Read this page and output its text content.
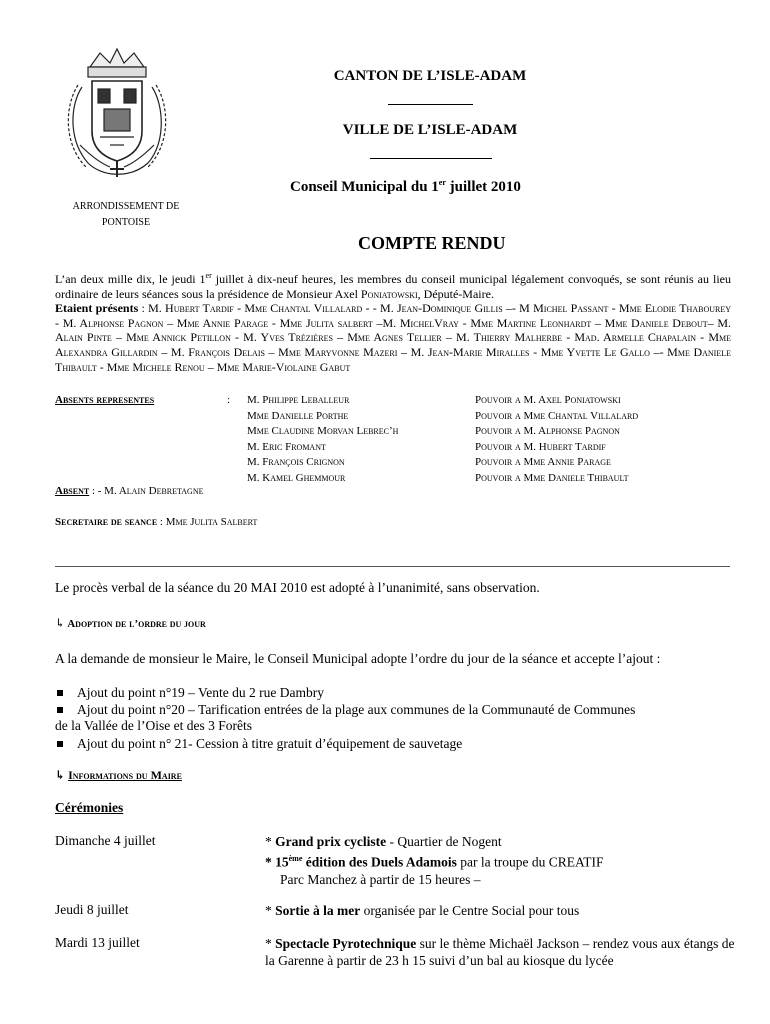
CANTON DE L’ISLE-ADAM
VILLE DE L’ISLE-ADAM
Conseil Municipal du 1er juillet 2010
ARRONDISSEMENT DE
PONTOISE
COMPTE RENDU
L’an deux mille dix, le jeudi 1er juillet à dix-neuf heures, les membres du conseil municipal légalement convoqués, se sont réunis au lieu ordinaire de leurs séances sous la présidence de Monsieur Axel Poniatowski, Député-Maire.
Etaient présents : M. Hubert Tardif - Mme Chantal Villalard - - M. Jean-Dominique Gillis –- M Michel Passant - Mme Elodie Thabourey - M. Alphonse Pagnon – Mme Annie Parage - Mme Julita salbert –M. MichelVray - Mme Martine Leonhardt – Mme Daniele Debout– M. Alain Pinte – Mme Annick Petillon - M. Yves Trézières – Mme Agnes Tellier – M. Thierry Malherbe - Mad. Armelle Chapalain - Mme Alexandra Gillardin – M. François Delais – Mme Maryvonne Mazeri – M. Jean-Marie Miralles - Mme Yvette Le Gallo –- Mme Daniele Thibault - Mme Michele Renou – Mme Marie-Violaine Gabut
Absents representes	: M. Philippe Leballeur	Pouvoir a M. Axel Poniatowski
Mme Danielle Porthe	Pouvoir a Mme Chantal Villalard
Mme Claudine Morvan Lebrec’h	Pouvoir a M. Alphonse Pagnon
M. Eric Fromant	Pouvoir a M. Hubert Tardif
M. François Crignon	Pouvoir a Mme Annie Parage
M. Kamel Ghemmour	Pouvoir a Mme Daniele Thibault
Absent : - M. Alain Debretagne
Secretaire de seance : Mme Julita Salbert
Le procès verbal de la séance du 20 MAI 2010 est adopté à l’unanimité, sans observation.
↳ Adoption de l’ordre du jour
A la demande de monsieur le Maire, le Conseil Municipal adopte l’ordre du jour de la séance et accepte l’ajout :
Ajout du point n°19 – Vente du 2 rue Dambry
Ajout du point n°20 – Tarification entrées de la plage aux communes de la Communauté de Communes
de la Vallée de l’Oise et des 3 Forêts
Ajout du point n° 21- Cession à titre gratuit d’équipement de sauvetage
↳ Informations du Maire
Cérémonies
Dimanche 4 juillet	* Grand prix cycliste - Quartier de Nogent
* 15ème édition des Duels Adamois par la troupe du CREATIF
Parc Manchez à partir de 15 heures –
Jeudi 8 juillet	* Sortie à la mer organisée par le Centre Social pour tous
Mardi 13 juillet	* Spectacle Pyrotechnique sur le thème Michaël Jackson – rendez vous aux étangs de la Garenne à partir de 23 h 15 suivi d’un bal au kiosque du lycée
